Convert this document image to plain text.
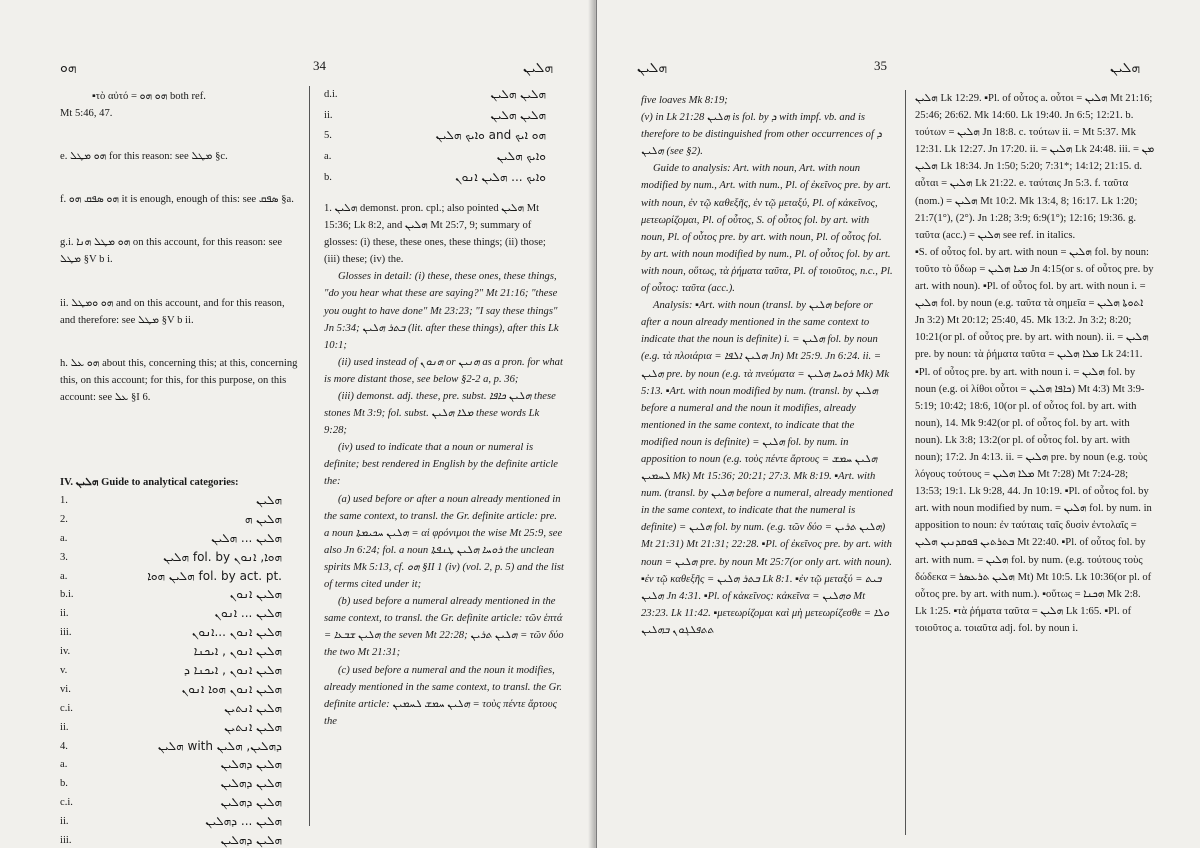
ܗܘ	34	ܗܠܝܢ

▪τὸ αὐτό = ܗܘ ܗܘ both ref.

Mt 5:46, 47.

e. ܗܘ ܡܛܠ for this reason: see ܡܛܠ §c.

f. ܗܘ ܣܦܩ ܗܘ it is enough, enough of this: see ܣܦܩ §a.

g.i. ܗܘ ܡܛܠ ܗܢܐ on this account, for this reason: see ܡܛܠ §V b i.

ii. ܗܘ ܘܡܛܠ and on this account, and for this reason, and therefore: see ܡܛܠ §V b ii.

h. ܗܘ ܥܠ about this, concerning this; at this, concerning this, on this account; for this, for this purpose, on this account: see ܥܠ §I 6.

IV. ܗܠܝܢ Guide to analytical categories:

1.	ܗܠܝܢ
2.	ܗܠܝܢ ܗ
a.	ܗܠܝܢ ... ܗܠܝܢ
3.	ܗܠܝܢ fol. by ܗܘܐ, ܐܢܘܢ
a.	ܗܠܝܢ ܗܘܐ fol. by act. pt.
b.i.	ܗܠܝܢ ܐܢܘܢ
ii.	ܗܠܝܢ ... ܐܢܘܢ
iii.	ܗܠܝܢ ܐܢܘܢ ...ܐܢܘܢ
iv.	ܗܠܝܢ ܐܢܘܢ , ܐܝܟܢܐ
v.	ܗܠܝܢ ܐܢܘܢ , ܐܝܟܢܐ ܕ
vi.	ܗܠܝܢ ܐܢܘܢ ܗܘܐ ܐܢܘܢ
c.i.	ܗܠܝܢ ܐܢܬܝܢ
ii.	ܗܠܝܢ ܐܢܬܝܢ
4.	ܗܠܝܢ with ܕܗܠܝܢ, ܗܠܝܢ
a.	ܗܠܝܢ ܕܗܠܝܢ
b.	ܗܠܝܢ ܕܗܠܝܢ
c.i.	ܗܠܝܢ ܕܗܠܝܢ
ii.	ܗܠܝܢ ... ܕܗܠܝܢ
iii.	ܗܠܝܢ ܕܗܠܝܢ
d.i.	ܗܠܝܢ ܗܠܝܢ
ii.	ܗܠܝܢ ܗܠܝܢ
5.	ܘܐܝܟ ܗܠܝܢ and ܗܘ ܐܝܟ
a.	ܘܐܝܟ ܗܠܝܢ
b.	ܘܐܝܟ ... ܗܠܝܢ ܐܢܘܢ

1. ܗܠܝܢ demonst. pron. cpl.; also pointed ܗܠܝܢ Mt 15:36; Lk 8:2, and ܗܠܝܢ Mt 25:7, 9; summary of glosses: (i) these, these ones, these things; (ii) those; (iii) these; (iv) the.

Glosses in detail: (i) these, these ones, these things, "do you hear what these are saying?" Mt 21:16; "these you ought to have done" Mt 23:23; "I say these things" Jn 5:34; ܒܬܪ ܗܠܝܢ (lit. after these things), after this Lk 10:1;

(ii) used instead of ܗܢܘܢ or ܗܢܝܢ as a pron. for what is more distant those, see below §2-2 a, p. 36;

(iii) demonst. adj. these, pre. subst. ܗܠܝܢ ܟܐܦܐ these stones Mt 3:9; fol. subst. ܡܠܐ ܗܠܝܢ these words Lk 9:28;

(iv) used to indicate that a noun or numeral is definite; best rendered in English by the definite article the:

(a) used before or after a noun already mentioned in the same context, to transl. the Gr. definite article: pre. a noun ܗܠܝܢ ܚܟܝܡܬܐ = αἱ φρόνιμοι the wise Mt 25:9, see also Jn 6:24; fol. a noun ܪܘܚܐ ܗܠܝܢ ܛܢܦܬܐ the unclean spirits Mk 5:13, cf. ܗܘ §II 1 (iv) (vol. 2, p. 5) and the list of terms cited under it;

(b) used before a numeral already mentioned in the same context, to transl. the Gr. definite article: τῶν ἑπτά = ܗܠܝܢ ܫܒܥܐ the seven Mt 22:28; ܗܠܝܢ ܬܪܝܢ = τῶν δύο the two Mt 21:31;

(c) used before a numeral and the noun it modifies, already mentioned in the same context, to transl. the Gr. definite article: ܗܠܝܢ ܚܡܫ ܠܚܡܝܢ = τοὺς πέντε ἄρτους the

ܗܠܝܢ	35	ܗܠܝܢ

five loaves Mk 8:19;

(v) in Lk 21:28 ܗܠܝܢ is fol. by ܕ with impf. vb. and is therefore to be distinguished from other occurrences of ܕ ܗܠܝܢ (see §2).

Guide to analysis: Art. with noun, Art. with noun modified by num., Art. with num., Pl. of ἐκεῖνος pre. by art. with noun, ἐν τῷ καθεξῆς, ἐν τῷ μεταξύ, Pl. of κἀκεῖνος, μετεωρίζομαι, Pl. of οὗτος, S. of οὗτος fol. by art. with noun, Pl. of οὗτος pre. by art. with noun, Pl. of οὗτος fol. by art. with noun modified by num., Pl. of οὗτος fol. by art. with noun, οὕτως, τὰ ῥήματα ταῦτα, Pl. of τοιοῦτος, n.c., Pl. of οὗτος: ταῦτα (acc.).

Analysis: ▪Art. with noun (transl. by ܗܠܝܢ before or after a noun already mentioned in the same context to indicate that the noun is definite) i. = ܗܠܝܢ fol. by noun (e.g. τὰ πλοιάρια = ܗܠܝܢ ܐܠܦܐ Jn) Mt 25:9. Jn 6:24. ii. = ܗܠܝܢ pre. by noun (e.g. τὰ πνεύματα = ܪܘܚܐ ܗܠܝܢ Mk) Mk 5:13. ▪Art. with noun modified by num. (transl. by ܗܠܝܢ before a numeral and the noun it modifies, already mentioned in the same context, to indicate that the modified noun is definite) = ܗܠܝܢ fol. by num. in apposition to noun (e.g. τοὺς πέντε ἄρτους = ܗܠܝܢ ܚܡܫ ܠܚܡܝܢ Mk) Mt 15:36; 20:21; 27:3. Mk 8:19. ▪Art. with num. (transl. by ܗܠܝܢ before a numeral, already mentioned in the same context, to indicate that the numeral is definite) = ܗܠܝܢ fol. by num. (e.g. τῶν δύο = ܗܠܝܢ ܬܪܝܢ) Mt 21:31) Mt 21:31; 22:28. ▪Pl. of ἐκεῖνος pre. by art. with noun = ܗܠܝܢ pre. by noun Mt 25:7(or only art. with noun). ▪ἐν τῷ καθεξῆς = ܒܬܪ ܗܠܝܢ Lk 8:1. ▪ἐν τῷ μεταξύ = ܒܝܬ ܗܠܝܢ Jn 4:31. ▪Pl. of κἀκεῖνος: κἀκεῖνα = ܘܗܠܝܢ Mt 23:23. Lk 11:42. ▪μετεωρίζομαι καὶ μὴ μετεωρίζεσθε = ܘܠܐ ܬܬܦܠܓܘܢ ܒܗܠܝܢ

ܗܠܝܢ Lk 12:29. ▪Pl. of οὗτος a. οὗτοι = ܗܠܝܢ Mt 21:16; 25:46; 26:62. Mk 14:60. Lk 19:40. Jn 6:5; 12:21. b. τούτων = ܗܠܝܢ Jn 18:8. c. τούτων ii. = Mt 5:37. Mk 12:31. Lk 12:27. Jn 17:20. ii. = ܗܠܝܢ Lk 24:48. iii. = ܡܢ ܗܠܝܢ Lk 18:34. Jn 1:50; 5:20; 7:31*; 14:12; 21:15. d. αὗται = ܗܠܝܢ Lk 21:22. e. ταύταις Jn 5:3. f. ταῦτα (nom.) = ܗܠܝܢ Mt 10:2. Mk 13:4, 8; 16:17. Lk 1:20; 21:7(1°), (2°). Jn 1:28; 3:9; 6:9(1°); 12:16; 19:36. g. ταῦτα (acc.) = ܗܠܝܢ see ref. in italics.

▪S. of οὗτος fol. by art. with noun = ܗܠܝܢ fol. by noun: τοῦτο τὸ ὕδωρ = ܡܝܐ ܗܠܝܢ Jn 4:15(or s. of οὗτος pre. by art. with noun). ▪Pl. of οὗτος fol. by art. with noun i. = ܗܠܝܢ fol. by noun (e.g. ταῦτα τὰ σημεῖα = ܐܬܘܬܐ ܗܠܝܢ Jn 3:2) Mt 20:12; 25:40, 45. Mk 13:2. Jn 3:2; 8:20; 10:21(or pl. of οὗτος pre. by art. with noun). ii. = ܗܠܝܢ pre. by noun: τὰ ῥήματα ταῦτα = ܡܠܐ ܗܠܝܢ Lk 24:11. ▪Pl. of οὗτος pre. by art. with noun i. = ܗܠܝܢ fol. by noun (e.g. οἱ λίθοι οὗτοι = ܟܐܦܐ ܗܠܝܢ) Mt 4:3) Mt 3:9-5:19; 10:42; 18:6, 10(or pl. of οὗτος fol. by art. with noun), 14. Mk 9:42(or pl. of οὗτος fol. by art. with noun). Lk 3:8; 13:2(or pl. of οὗτος fol. by art. with noun); 17:2. Jn 4:13. ii. = ܗܠܝܢ pre. by noun (e.g. τοὺς λόγους τούτους = ܡܠܐ ܗܠܝܢ Mt 7:28) Mt 7:24-28; 13:53; 19:1. Lk 9:28, 44. Jn 10:19. ▪Pl. of οὗτος fol. by art. with noun modified by num. = ܗܠܝܢ fol. by num. in apposition to noun: ἐν ταύταις ταῖς δυσὶν ἐντολαῖς = ܒܬܪܬܝܢ ܦܘܩܕܢܝܢ ܗܠܝܢ Mt 22:40. ▪Pl. of οὗτος fol. by art. with num. = ܗܠܝܢ fol. by num. (e.g. τούτους τοὺς δώδεκα = ܗܠܝܢ ܬܪܥܣܪ Mt) Mt 10:5. Lk 10:36(or pl. of οὗτος pre. by art. with num.). ▪οὕτως = ܗܟܢܐ Mk 2:8. Lk 1:25. ▪τὰ ῥήματα ταῦτα = ܗܠܝܢ Lk 1:65. ▪Pl. of τοιοῦτος a. τοιαῦτα adj. fol. by noun i.
